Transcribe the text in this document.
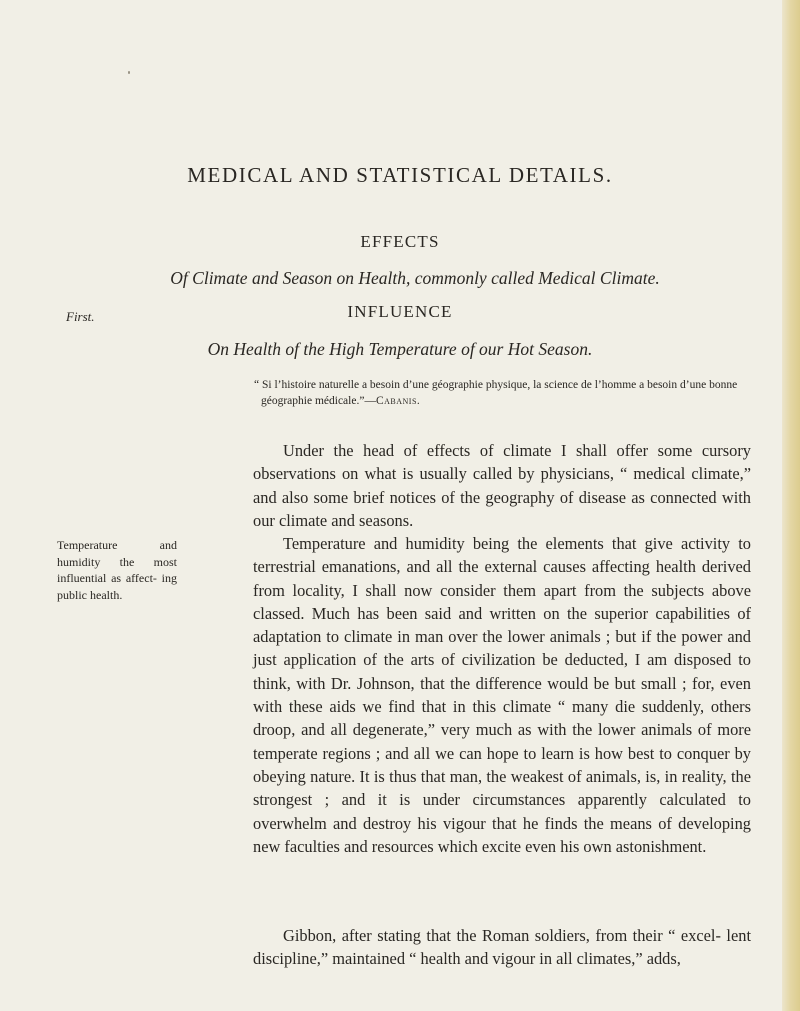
MEDICAL AND STATISTICAL DETAILS.

EFFECTS

Of Climate and Season on Health, commonly called Medical Climate.

First.	INFLUENCE

On Health of the High Temperature of our Hot Season.

“ Si l’histoire naturelle a besoin d’une géographie physique, la science de l’homme a besoin d’une bonne géographie médicale.”—Cabanis.

Under the head of effects of climate I shall offer some cursory observations on what is usually called by physicians, “ medical climate,” and also some brief notices of the geography of disease as connected with our climate and seasons.

Temperature and humidity the most influential as affect- ing public health.

Temperature and humidity being the elements that give activity to terrestrial emanations, and all the external causes affecting health derived from locality, I shall now consider them apart from the subjects above classed. Much has been said and written on the superior capabilities of adaptation to climate in man over the lower animals ; but if the power and just application of the arts of civilization be deducted, I am disposed to think, with Dr. Johnson, that the difference would be but small ; for, even with these aids we find that in this climate “ many die suddenly, others droop, and all degenerate,” very much as with the lower animals of more temperate regions ; and all we can hope to learn is how best to conquer by obeying nature. It is thus that man, the weakest of animals, is, in reality, the strongest ; and it is under circumstances apparently calculated to overwhelm and destroy his vigour that he finds the means of developing new faculties and resources which excite even his own astonishment.

Gibbon, after stating that the Roman soldiers, from their “ excel- lent discipline,” maintained “ health and vigour in all climates,” adds,
